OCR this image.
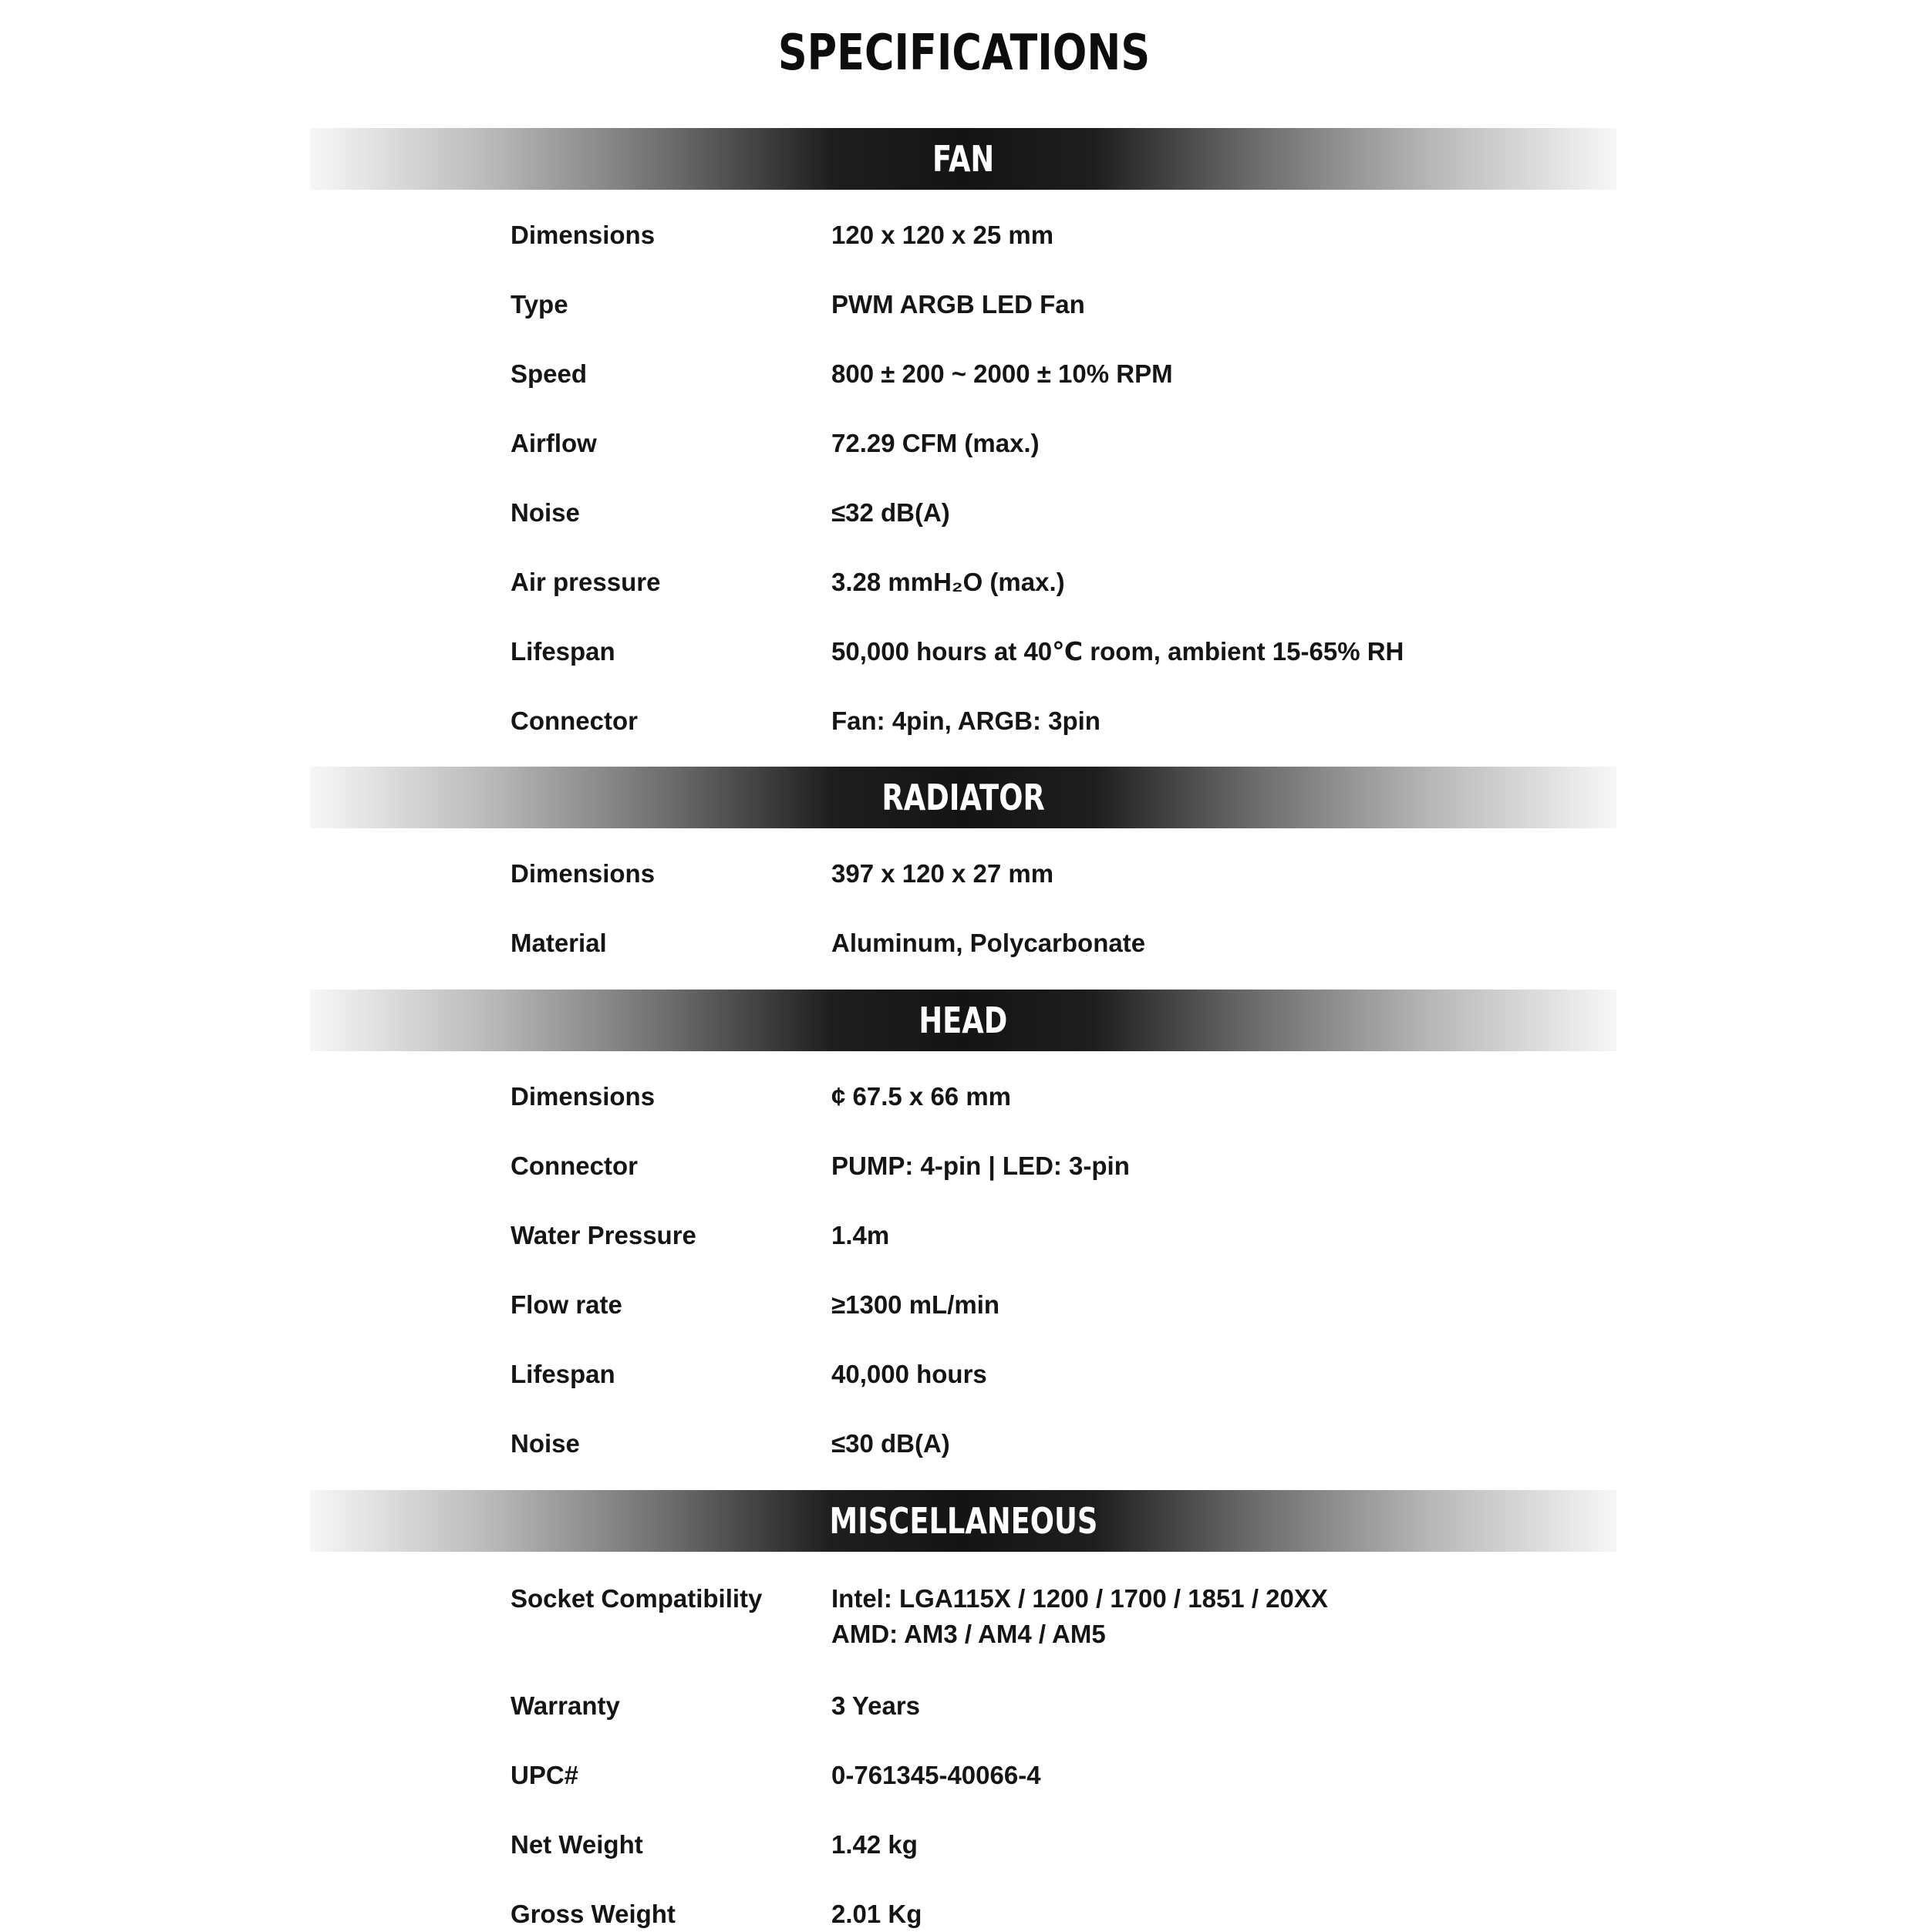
SPECIFICATIONS
FAN
Dimensions	120 x 120 x 25 mm
Type	PWM ARGB LED Fan
Speed	800 ± 200 ~ 2000 ± 10% RPM
Airflow	72.29 CFM (max.)
Noise	≤32 dB(A)
Air pressure	3.28 mmH₂O (max.)
Lifespan	50,000 hours at 40℃ room, ambient 15-65% RH
Connector	Fan: 4pin, ARGB: 3pin
RADIATOR
Dimensions	397 x 120 x 27 mm
Material	Aluminum, Polycarbonate
HEAD
Dimensions	¢ 67.5 x 66 mm
Connector	PUMP: 4-pin | LED: 3-pin
Water Pressure	1.4m
Flow rate	≥1300 mL/min
Lifespan	40,000 hours
Noise	≤30 dB(A)
MISCELLANEOUS
Socket Compatibility	Intel: LGA115X / 1200 / 1700 / 1851 / 20XX
AMD: AM3 / AM4 / AM5
Warranty	3 Years
UPC#	0-761345-40066-4
Net Weight	1.42 kg
Gross Weight	2.01 Kg
